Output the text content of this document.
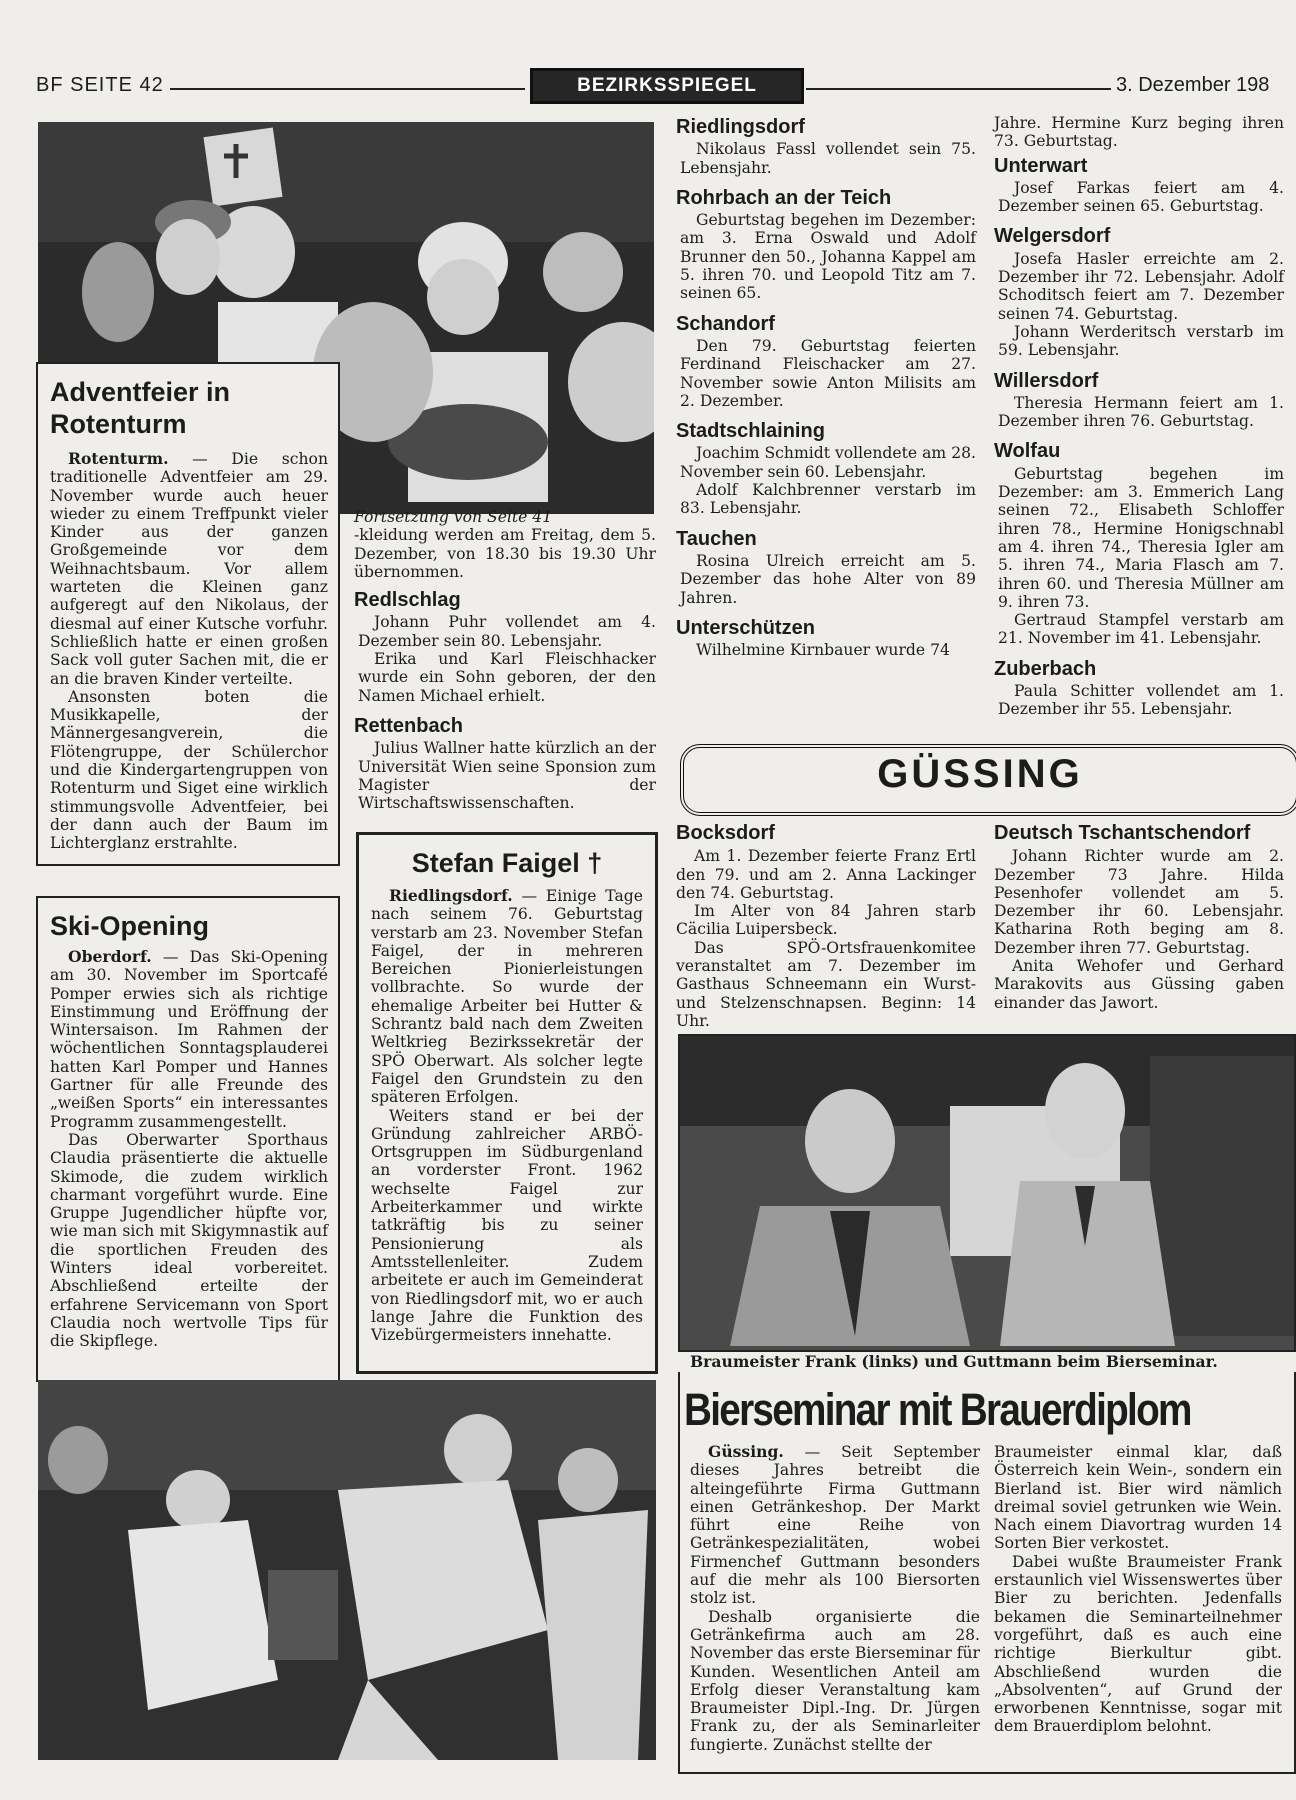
BF SEITE 42	BEZIRKSSPIEGEL	3. Dezember 198
Adventfeier in
Rotenturm

Rotenturm. — Die schon traditionelle Adventfeier am 29. November wurde auch heuer wieder zu einem Treffpunkt vieler Kinder aus der ganzen Großgemeinde vor dem Weihnachtsbaum. Vor allem warteten die Kleinen ganz aufgeregt auf den Nikolaus, der diesmal auf einer Kutsche vorfuhr. Schließlich hatte er einen großen Sack voll guter Sachen mit, die er an die braven Kinder verteilte.

Ansonsten boten die Musikkapelle, der Männergesangverein, die Flötengruppe, der Schülerchor und die Kindergartengruppen von Rotenturm und Siget eine wirklich stimmungsvolle Adventfeier, bei der dann auch der Baum im Lichterglanz erstrahlte.

Fortsetzung von Seite 41
-kleidung werden am Freitag, dem 5. Dezember, von 18.30 bis 19.30 Uhr übernommen.
Redlschlag

Johann Puhr vollendet am 4. Dezember sein 80. Lebensjahr.

Erika und Karl Fleischhacker wurde ein Sohn geboren, der den Namen Michael erhielt.

Rettenbach

Julius Wallner hatte kürzlich an der Universität Wien seine Sponsion zum Magister der Wirtschaftswissenschaften.

Ski-Opening

Oberdorf. — Das Ski-Opening am 30. November im Sportcafé Pomper erwies sich als richtige Einstimmung und Eröffnung der Wintersaison. Im Rahmen der wöchentlichen Sonntagsplauderei hatten Karl Pomper und Hannes Gartner für alle Freunde des „weißen Sports“ ein interessantes Programm zusammengestellt.

Das Oberwarter Sporthaus Claudia präsentierte die aktuelle Skimode, die zudem wirklich charmant vorgeführt wurde. Eine Gruppe Jugendlicher hüpfte vor, wie man sich mit Skigymnastik auf die sportlichen Freuden des Winters ideal vorbereitet. Abschließend erteilte der erfahrene Servicemann von Sport Claudia noch wertvolle Tips für die Skipflege.

Stefan Faigel †

Riedlingsdorf. — Einige Tage nach seinem 76. Geburtstag verstarb am 23. November Stefan Faigel, der in mehreren Bereichen Pionierleistungen vollbrachte. So wurde der ehemalige Arbeiter bei Hutter & Schrantz bald nach dem Zweiten Weltkrieg Bezirkssekretär der SPÖ Oberwart. Als solcher legte Faigel den Grundstein zu den späteren Erfolgen.

Weiters stand er bei der Gründung zahlreicher ARBÖ-Ortsgruppen im Südburgenland an vorderster Front. 1962 wechselte Faigel zur Arbeiterkammer und wirkte tatkräftig bis zu seiner Pensionierung als Amtsstellenleiter. Zudem arbeitete er auch im Gemeinderat von Riedlingsdorf mit, wo er auch lange Jahre die Funktion des Vizebürgermeisters innehatte.

Riedlingsdorf

Nikolaus Fassl vollendet sein 75. Lebensjahr.

Rohrbach an der Teich

Geburtstag begehen im Dezember: am 3. Erna Oswald und Adolf Brunner den 50., Johanna Kappel am 5. ihren 70. und Leopold Titz am 7. seinen 65.

Schandorf

Den 79. Geburtstag feierten Ferdinand Fleischacker am 27. November sowie Anton Milisits am 2. Dezember.

Stadtschlaining

Joachim Schmidt vollendete am 28. November sein 60. Lebensjahr.

Adolf Kalchbrenner verstarb im 83. Lebensjahr.

Tauchen

Rosina Ulreich erreicht am 5. Dezember das hohe Alter von 89 Jahren.

Unterschützen

Wilhelmine Kirnbauer wurde 74

Jahre. Hermine Kurz beging ihren 73. Geburtstag.
Unterwart

Josef Farkas feiert am 4. Dezember seinen 65. Geburtstag.

Welgersdorf

Josefa Hasler erreichte am 2. Dezember ihr 72. Lebensjahr. Adolf Schoditsch feiert am 7. Dezember seinen 74. Geburtstag.

Johann Werderitsch verstarb im 59. Lebensjahr.

Willersdorf

Theresia Hermann feiert am 1. Dezember ihren 76. Geburtstag.

Wolfau

Geburtstag begehen im Dezember: am 3. Emmerich Lang seinen 72., Elisabeth Schloffer ihren 78., Hermine Honigschnabl am 4. ihren 74., Theresia Igler am 5. ihren 74., Maria Flasch am 7. ihren 60. und Theresia Müllner am 9. ihren 73.

Gertraud Stampfel verstarb am 21. November im 41. Lebensjahr.

Zuberbach

Paula Schitter vollendet am 1. Dezember ihr 55. Lebensjahr.

GÜSSING
Bocksdorf

Am 1. Dezember feierte Franz Ertl den 79. und am 2. Anna Lackinger den 74. Geburtstag.

Im Alter von 84 Jahren starb Cäcilia Luipersbeck.

Das SPÖ-Ortsfrauenkomitee veranstaltet am 7. Dezember im Gasthaus Schneemann ein Wurst- und Stelzenschnapsen. Beginn: 14 Uhr.

Deutsch Tschantschendorf

Johann Richter wurde am 2. Dezember 73 Jahre. Hilda Pesenhofer vollendet am 5. Dezember ihr 60. Lebensjahr. Katharina Roth beging am 8. Dezember ihren 77. Geburtstag.

Anita Wehofer und Gerhard Marakovits aus Güssing gaben einander das Jawort.

Braumeister Frank (links) und Guttmann beim Bierseminar.
Bierseminar mit Brauerdiplom

Güssing. — Seit September dieses Jahres betreibt die alteingeführte Firma Guttmann einen Getränkeshop. Der Markt führt eine Reihe von Getränkespezialitäten, wobei Firmenchef Guttmann besonders auf die mehr als 100 Biersorten stolz ist.

Deshalb organisierte die Getränkefirma auch am 28. November das erste Bierseminar für Kunden. Wesentlichen Anteil am Erfolg dieser Veranstaltung kam Braumeister Dipl.-Ing. Dr. Jürgen Frank zu, der als Seminarleiter fungierte. Zunächst stellte der

Braumeister einmal klar, daß Österreich kein Wein-, sondern ein Bierland ist. Bier wird nämlich dreimal soviel getrunken wie Wein. Nach einem Diavortrag wurden 14 Sorten Bier verkostet.

Dabei wußte Braumeister Frank erstaunlich viel Wissenswertes über Bier zu berichten. Jedenfalls bekamen die Seminarteilnehmer vorgeführt, daß es auch eine richtige Bierkultur gibt. Abschließend wurden die „Absolventen“, auf Grund der erworbenen Kenntnisse, sogar mit dem Brauerdiplom belohnt.
